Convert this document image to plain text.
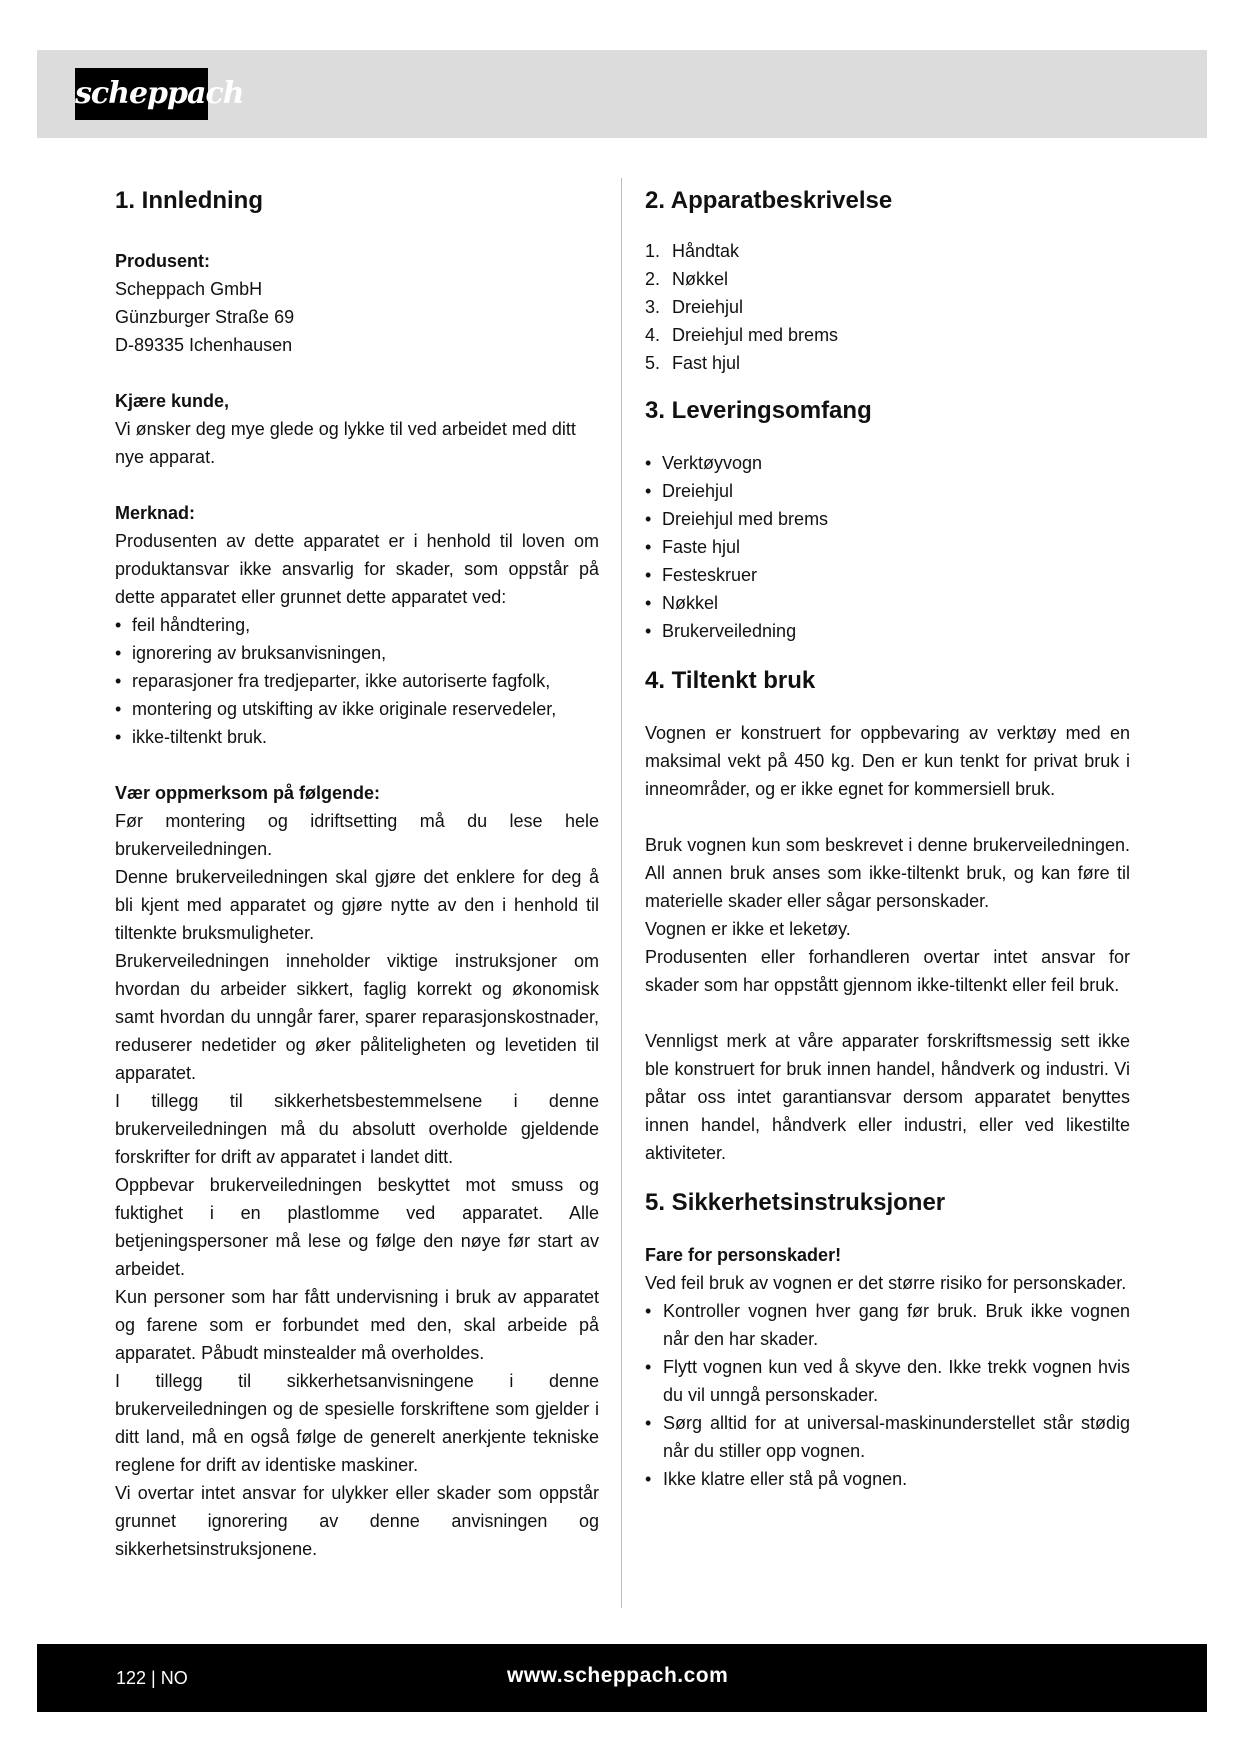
scheppach
1. Innledning

Produsent:

Scheppach GmbH

Günzburger Straße 69

D-89335 Ichenhausen

Kjære kunde,

Vi ønsker deg mye glede og lykke til ved arbeidet med ditt nye apparat.

Merknad:

Produsenten av dette apparatet er i henhold til loven om produktansvar ikke ansvarlig for skader, som oppstår på dette apparatet eller grunnet dette apparatet ved:

• feil håndtering,
• ignorering av bruksanvisningen,
• reparasjoner fra tredjeparter, ikke autoriserte fagfolk,
• montering og utskifting av ikke originale reservedeler,
• ikke-tiltenkt bruk.

Vær oppmerksom på følgende:

Før montering og idriftsetting må du lese hele brukerveiledningen.

Denne brukerveiledningen skal gjøre det enklere for deg å bli kjent med apparatet og gjøre nytte av den i henhold til tiltenkte bruksmuligheter.

Brukerveiledningen inneholder viktige instruksjoner om hvordan du arbeider sikkert, faglig korrekt og økonomisk samt hvordan du unngår farer, sparer reparasjonskostnader, reduserer nedetider og øker påliteligheten og levetiden til apparatet.

I tillegg til sikkerhetsbestemmelsene i denne brukerveiledningen må du absolutt overholde gjeldende forskrifter for drift av apparatet i landet ditt.

Oppbevar brukerveiledningen beskyttet mot smuss og fuktighet i en plastlomme ved apparatet. Alle betjeningspersoner må lese og følge den nøye før start av arbeidet.

Kun personer som har fått undervisning i bruk av apparatet og farene som er forbundet med den, skal arbeide på apparatet. Påbudt minstealder må overholdes.

I tillegg til sikkerhetsanvisningene i denne brukerveiledningen og de spesielle forskriftene som gjelder i ditt land, må en også følge de generelt anerkjente tekniske reglene for drift av identiske maskiner.

Vi overtar intet ansvar for ulykker eller skader som oppstår grunnet ignorering av denne anvisningen og sikkerhetsinstruksjonene.

2. Apparatbeskrivelse
1. Håndtak
2. Nøkkel
3. Dreiehjul
4. Dreiehjul med brems
5. Fast hjul
3. Leveringsomfang
• Verktøyvogn
• Dreiehjul
• Dreiehjul med brems
• Faste hjul
• Festeskruer
• Nøkkel
• Brukerveiledning
4. Tiltenkt bruk

Vognen er konstruert for oppbevaring av verktøy med en maksimal vekt på 450 kg. Den er kun tenkt for privat bruk i inneområder, og er ikke egnet for kommersiell bruk.

Bruk vognen kun som beskrevet i denne brukerveiledningen. All annen bruk anses som ikke-tiltenkt bruk, og kan føre til materielle skader eller sågar personskader.

Vognen er ikke et leketøy.

Produsenten eller forhandleren overtar intet ansvar for skader som har oppstått gjennom ikke-tiltenkt eller feil bruk.

Vennligst merk at våre apparater forskriftsmessig sett ikke ble konstruert for bruk innen handel, håndverk og industri. Vi påtar oss intet garantiansvar dersom apparatet benyttes innen handel, håndverk eller industri, eller ved likestilte aktiviteter.

5. Sikkerhetsinstruksjoner

Fare for personskader!

Ved feil bruk av vognen er det større risiko for personskader.

• Kontroller vognen hver gang før bruk. Bruk ikke vognen når den har skader.
• Flytt vognen kun ved å skyve den. Ikke trekk vognen hvis du vil unngå personskader.
• Sørg alltid for at universal-maskinunderstellet står stødig når du stiller opp vognen.
• Ikke klatre eller stå på vognen.
122 | NO	www.scheppach.com
